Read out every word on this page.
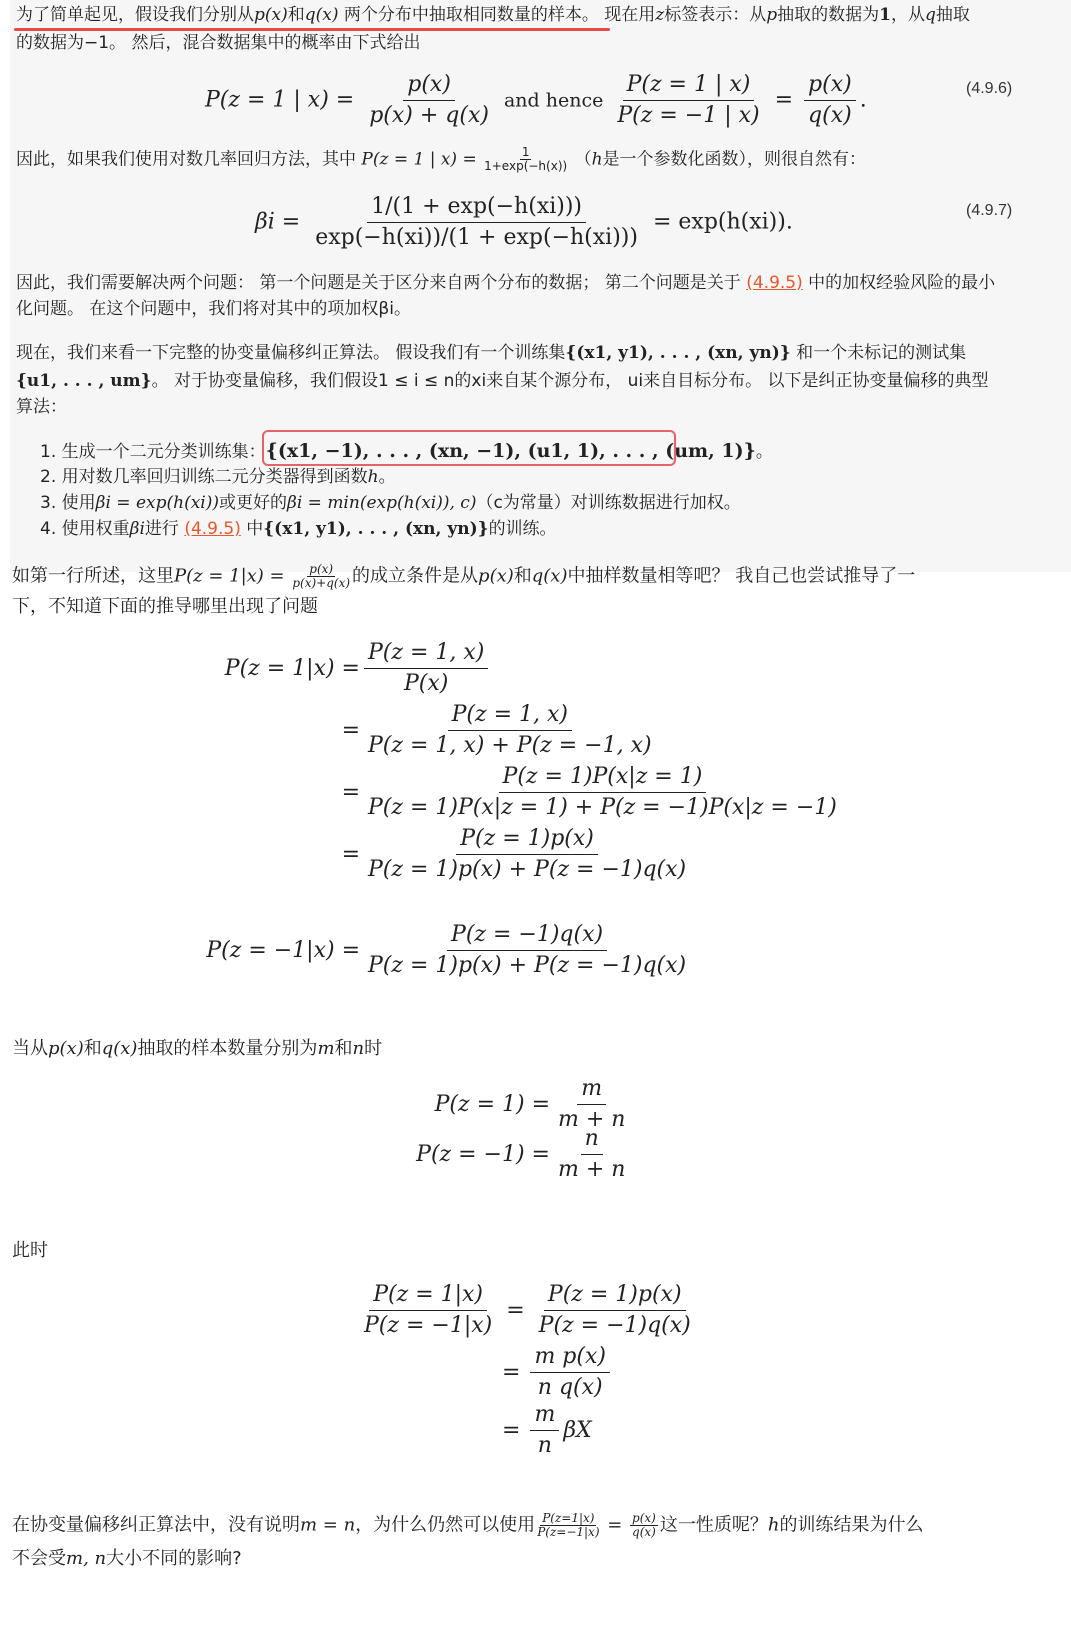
为了简单起见，假设我们分别从p(x)和q(x) 两个分布中抽取相同数量的样本。 现在用z标签表示：从p抽取的数据为1，从q抽取
的数据为−1。 然后，混合数据集中的概率由下式给出
P(z = 1 | $x) = \frac{p(x)}{p(x) + q(x)}$ and hence $\frac{P(z = 1 | x)}{P(z = -1 | x)} = \frac{p(x)}{q(x)}$ .	(4.9.6)
因此，如果我们使用对数几率回归方法，其中 P(z = 1 | $x) = \frac{1}{1+\exp(-h(x))} (h$是一个参数化函数），则很自然有：
$\beta i = \frac{1/(1 + \exp(-h(xi)))}{\exp(-h(xi))/(1 + \exp(-h(xi)))} = \exp(h(xi))$.	(4.9.7)
因此，我们需要解决两个问题： 第一个问题是关于区分来自两个分布的数据； 第二个问题是关于 (4.9.5) 中的加权经验风险的最小
化问题。 在这个问题中，我们将对其中的项加权βi。
现在，我们来看一下完整的协变量偏移纠正算法。 假设我们有一个训练集{(x1, y1), . . . , (xn, yn)} 和一个未标记的测试集
{u1, . . . , um}。 对于协变量偏移，我们假设1 ≤ i ≤ n的xi来自某个源分布， ui来自目标分布。 以下是纠正协变量偏移的典型
算法：
1. 生成一个二元分类训练集：{(x1, −1), . . . , (xn, −1), (u1, 1), . . . , (um, 1)}。
2. 用对数几率回归训练二元分类器得到函数h。
3. 使用βi = exp(h(xi))或更好的βi = min(exp(h(xi)), c)（c为常量）对训练数据进行加权。
4. 使用权重βi进行 (4.9.5) 中{(x1, y1), . . . , (xn, yn)}的训练。
如第一行所述，这里$P(z = 1|x) = \frac{p(x)}{p(x)+q(x)}$ 的成立条件是从p(x)和q(x)中抽样数量相等吧？ 我自己也尝试推导了一
下，不知道下面的推导哪里出现了问题
$P(z = 1|x) = \frac{P(z = 1, x)}{P(x)}$
= $\frac{P(z = 1, x)}{P(z = 1, x) + P(z = -1, x)}$
= $\frac{P(z = 1)P(x|z = 1)}{P(z = 1)P(x|z = 1) + P(z = -1)P(x|z = -1)}$
= $\frac{P(z = 1)p(x)}{P(z = 1)p(x) + P(z = -1)q(x)}$
$P(z = -1|x) = \frac{P(z = -1)q(x)}{P(z = 1)p(x) + P(z = -1)q(x)}$
当从p(x)和q(x)抽取的样本数量分别为m和n时
$P(z = 1) = \frac{m}{m + n}$
$P(z = -1) = \frac{n}{m + n}$
此时
$\frac{P(z = 1|x)}{P(z = -1|x)} = \frac{P(z = 1)p(x)}{P(z = -1)q(x)}$
= $\frac{\text{m p(x)}}{\text{n q(x)}}$
= $\frac{m}{n}$ βX
在协变量偏移纠正算法中，没有说明m = n，为什么仍然可以使用 $\frac{P(z=1|x)}{P(z=-1|x)} = \frac{p(x)}{q(x)}$ 这一性质呢？h的训练结果为什么
不会受m, n大小不同的影响?
